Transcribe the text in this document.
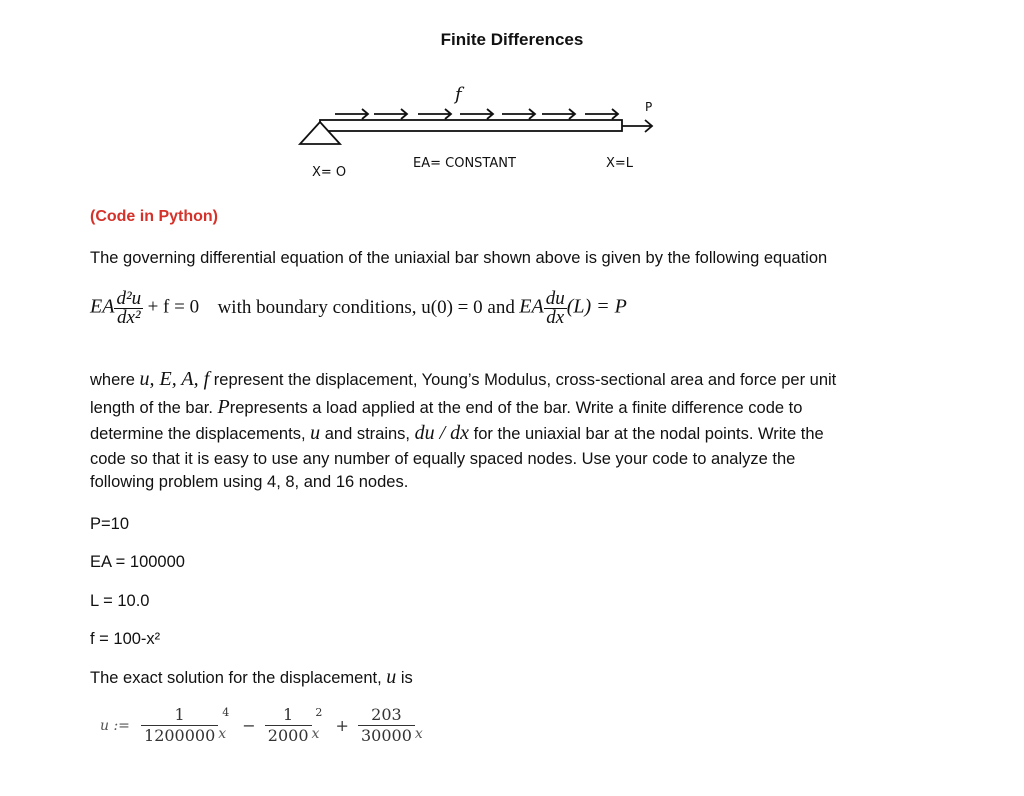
Finite Differences
f
P
X= O
EA= CONSTANT	X=L
(Code in Python)
The governing differential equation of the uniaxial bar shown above is given by the following equation
EA $\frac{\text{d²u}}{\text{dx²}} + f = 0$ with boundary conditions, u(0) = 0 and EA $\frac{du}{dx} (L) = P$
where u, E, A, f represent the displacement, Young’s Modulus, cross-sectional area and force per unit
length of the bar. Prepresents a load applied at the end of the bar. Write a finite difference code to
determine the displacements, u and strains, du / dx for the uniaxial bar at the nodal points. Write the
code so that it is easy to use any number of equally spaced nodes. Use your code to analyze the
following problem using 4, 8, and 16 nodes.
P=10
EA = 100000
L = 10.0
f = 100-x²
The exact solution for the displacement, u is
u := $\frac{1}{1200000} x^4 - \frac{1}{2000} x^2 + \frac{203}{30000}$ x
